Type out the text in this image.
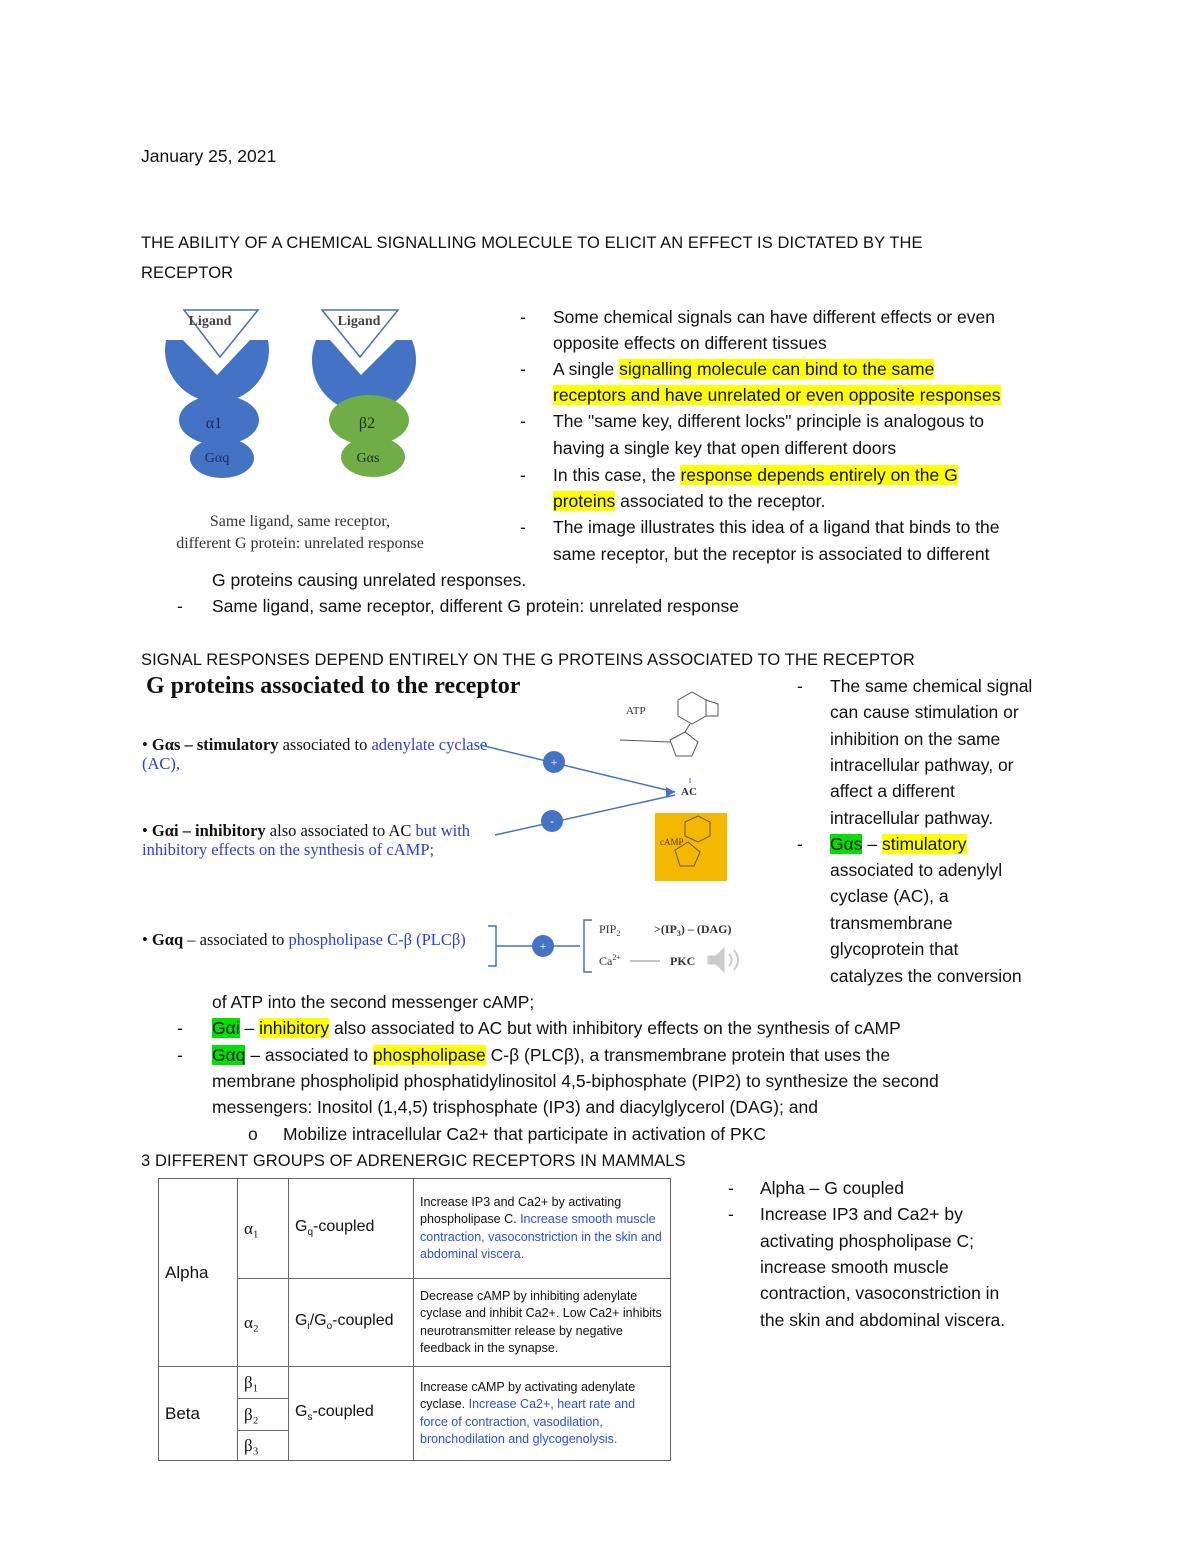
January 25, 2021
THE ABILITY OF A CHEMICAL SIGNALLING MOLECULE TO ELICIT AN EFFECT IS DICTATED BY THE
RECEPTOR
Ligand	Ligand
α1	β2
Gαq	Gαs
Same ligand, same receptor,
different G protein: unrelated response
-	Some chemical signals can have different effects or even
opposite effects on different tissues
-	A single signalling molecule can bind to the same
receptors and have unrelated or even opposite responses
-	The "same key, different locks" principle is analogous to
having a single key that open different doors
-	In this case, the response depends entirely on the G
proteins associated to the receptor.
-	The image illustrates this idea of a ligand that binds to the
same receptor, but the receptor is associated to different
G proteins causing unrelated responses.
-	Same ligand, same receptor, different G protein: unrelated response
SIGNAL RESPONSES DEPEND ENTIRELY ON THE G PROTEINS ASSOCIATED TO THE RECEPTOR
G proteins associated to the receptor
• Gαs – stimulatory associated to adenylate cyclase (AC),
• Gαi – inhibitory also associated to AC but with inhibitory effects on the synthesis of cAMP;
• Gαq – associated to phospholipase C-β (PLCβ)
+
-
ATP
AC
cAMP
+
$PIP_2$	$>(IP_3) - (DAG)$
$Ca^{2+}$	PKC
-	The same chemical signal
can cause stimulation or
inhibition on the same
intracellular pathway, or
affect a different
intracellular pathway.
-	Gαs – stimulatory
associated to adenylyl
cyclase (AC), a
transmembrane
glycoprotein that
catalyzes the conversion
of ATP into the second messenger cAMP;
-	Gαi – inhibitory also associated to AC but with inhibitory effects on the synthesis of cAMP
-	Gαq – associated to phospholipase C-β (PLCβ), a transmembrane protein that uses the
membrane phospholipid phosphatidylinositol 4,5-biphosphate (PIP2) to synthesize the second
messengers: Inositol (1,4,5) trisphosphate (IP3) and diacylglycerol (DAG); and
o Mobilize intracellular Ca2+ that participate in activation of PKC
3 DIFFERENT GROUPS OF ADRENERGIC RECEPTORS IN MAMMALS
Alpha	α₁	$G_q$-coupled	Increase IP3 and Ca2+ by activating phospholipase C. Increase smooth muscle contraction, vasoconstriction in the skin and abdominal viscera.
	α₂	$G_i/G_o$-coupled	Decrease cAMP by inhibiting adenylate cyclase and inhibit Ca2+. Low Ca2+ inhibits neurotransmitter release by negative feedback in the synapse.
Beta	β₁	$G_s$-coupled	Increase cAMP by activating adenylate cyclase. Increase Ca2+, heart rate and force of contraction, vasodilation, bronchodilation and glycogenolysis.
	β₂		
	β₃		
-	Alpha – G coupled
-	Increase IP3 and Ca2+ by
activating phospholipase C;
increase smooth muscle
contraction, vasoconstriction in
the skin and abdominal viscera.
